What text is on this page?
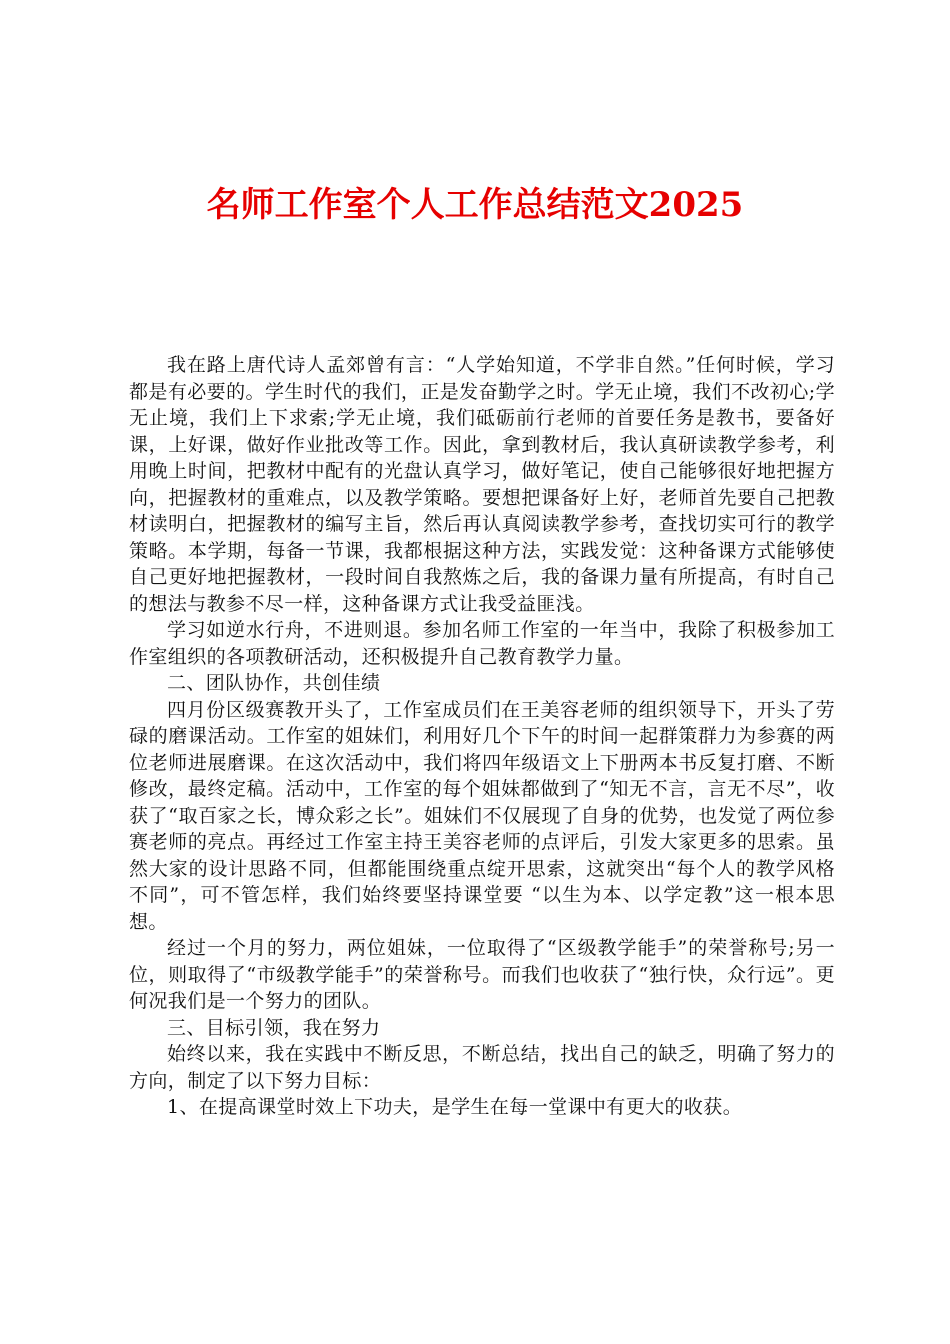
名师工作室个人工作总结范文2025

我在路上唐代诗人孟郊曾有言：“人学始知道，不学非自然。”任何时候，学习都是有必要的。学生时代的我们，正是发奋勤学之时。学无止境，我们不改初心;学无止境，我们上下求索;学无止境，我们砥砺前行老师的首要任务是教书，要备好课，上好课，做好作业批改等工作。因此，拿到教材后，我认真研读教学参考，利用晚上时间，把教材中配有的光盘认真学习，做好笔记，使自己能够很好地把握方向，把握教材的重难点，以及教学策略。要想把课备好上好，老师首先要自己把教材读明白，把握教材的编写主旨，然后再认真阅读教学参考，查找切实可行的教学策略。本学期，每备一节课，我都根据这种方法，实践发觉：这种备课方式能够使自己更好地把握教材，一段时间自我熬炼之后，我的备课力量有所提高，有时自己的想法与教参不尽一样，这种备课方式让我受益匪浅。

学习如逆水行舟，不进则退。参加名师工作室的一年当中，我除了积极参加工作室组织的各项教研活动，还积极提升自己教育教学力量。

二、团队协作，共创佳绩

四月份区级赛教开头了，工作室成员们在王美容老师的组织领导下，开头了劳碌的磨课活动。工作室的姐妹们，利用好几个下午的时间一起群策群力为参赛的两位老师进展磨课。在这次活动中，我们将四年级语文上下册两本书反复打磨、不断修改，最终定稿。活动中，工作室的每个姐妹都做到了“知无不言，言无不尽”，收获了“取百家之长，博众彩之长”。姐妹们不仅展现了自身的优势，也发觉了两位参赛老师的亮点。再经过工作室主持王美容老师的点评后，引发大家更多的思索。虽然大家的设计思路不同，但都能围绕重点绽开思索，这就突出“每个人的教学风格不同”，可不管怎样，我们始终要坚持课堂要 “以生为本、以学定教”这一根本思想。

经过一个月的努力，两位姐妹，一位取得了“区级教学能手”的荣誉称号;另一位，则取得了“市级教学能手”的荣誉称号。而我们也收获了“独行快，众行远”。更何况我们是一个努力的团队。

三、目标引领，我在努力

始终以来，我在实践中不断反思，不断总结，找出自己的缺乏，明确了努力的方向，制定了以下努力目标：

1、在提高课堂时效上下功夫，是学生在每一堂课中有更大的收获。
